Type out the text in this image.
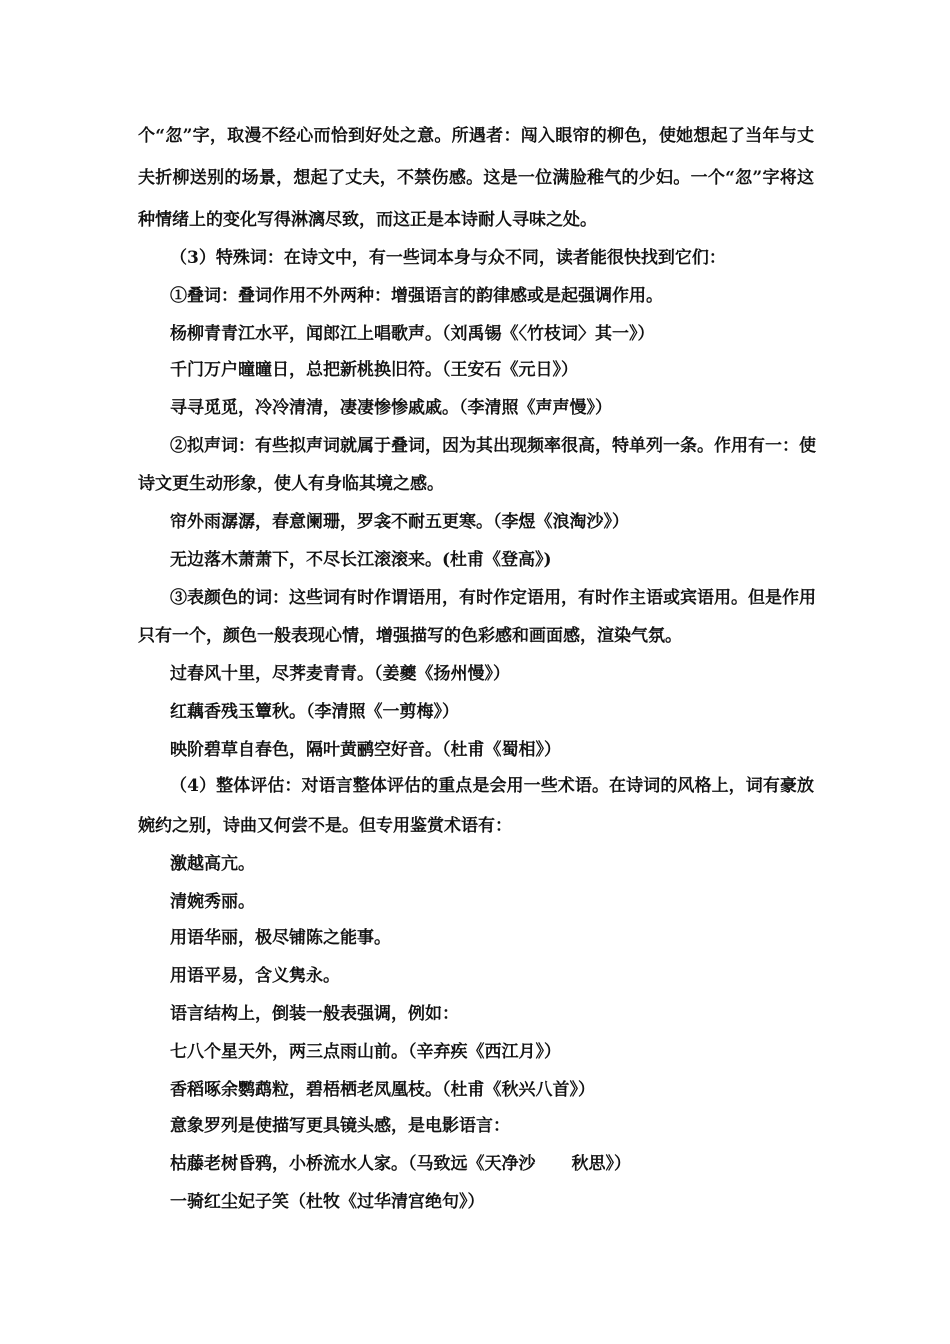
个“忽”字，取漫不经心而恰到好处之意。所遇者：闯入眼帘的柳色，使她想起了当年与丈
夫折柳送别的场景，想起了丈夫，不禁伤感。这是一位满脸稚气的少妇。一个“忽”字将这
种情绪上的变化写得淋漓尽致，而这正是本诗耐人寻味之处。
（3）特殊词：在诗文中，有一些词本身与众不同，读者能很快找到它们：
①叠词：叠词作用不外两种：增强语言的韵律感或是起强调作用。
杨柳青青江水平，闻郎江上唱歌声。（刘禹锡《〈竹枝词〉其一》）
千门万户曈曈日，总把新桃换旧符。（王安石《元日》）
寻寻觅觅，冷冷清清，凄凄惨惨戚戚。（李清照《声声慢》）
②拟声词：有些拟声词就属于叠词，因为其出现频率很高，特单列一条。作用有一：使
诗文更生动形象，使人有身临其境之感。
帘外雨潺潺，春意阑珊，罗衾不耐五更寒。（李煜《浪淘沙》）
无边落木萧萧下，不尽长江滚滚来。(杜甫《登高》)
③表颜色的词：这些词有时作谓语用，有时作定语用，有时作主语或宾语用。但是作用
只有一个，颜色一般表现心情，增强描写的色彩感和画面感，渲染气氛。
过春风十里，尽荠麦青青。（姜夔《扬州慢》）
红藕香残玉簟秋。（李清照《一剪梅》）
映阶碧草自春色，隔叶黄鹂空好音。（杜甫《蜀相》）
（4）整体评估：对语言整体评估的重点是会用一些术语。在诗词的风格上，词有豪放
婉约之别，诗曲又何尝不是。但专用鉴赏术语有：
激越高亢。
清婉秀丽。
用语华丽，极尽铺陈之能事。
用语平易，含义隽永。
语言结构上，倒装一般表强调，例如：
七八个星天外，两三点雨山前。（辛弃疾《西江月》）
香稻啄余鹦鹉粒，碧梧栖老凤凰枝。（杜甫《秋兴八首》）
意象罗列是使描写更具镜头感，是电影语言：
枯藤老树昏鸦，小桥流水人家。（马致远《天净沙 秋思》）
一骑红尘妃子笑（杜牧《过华清宫绝句》）
